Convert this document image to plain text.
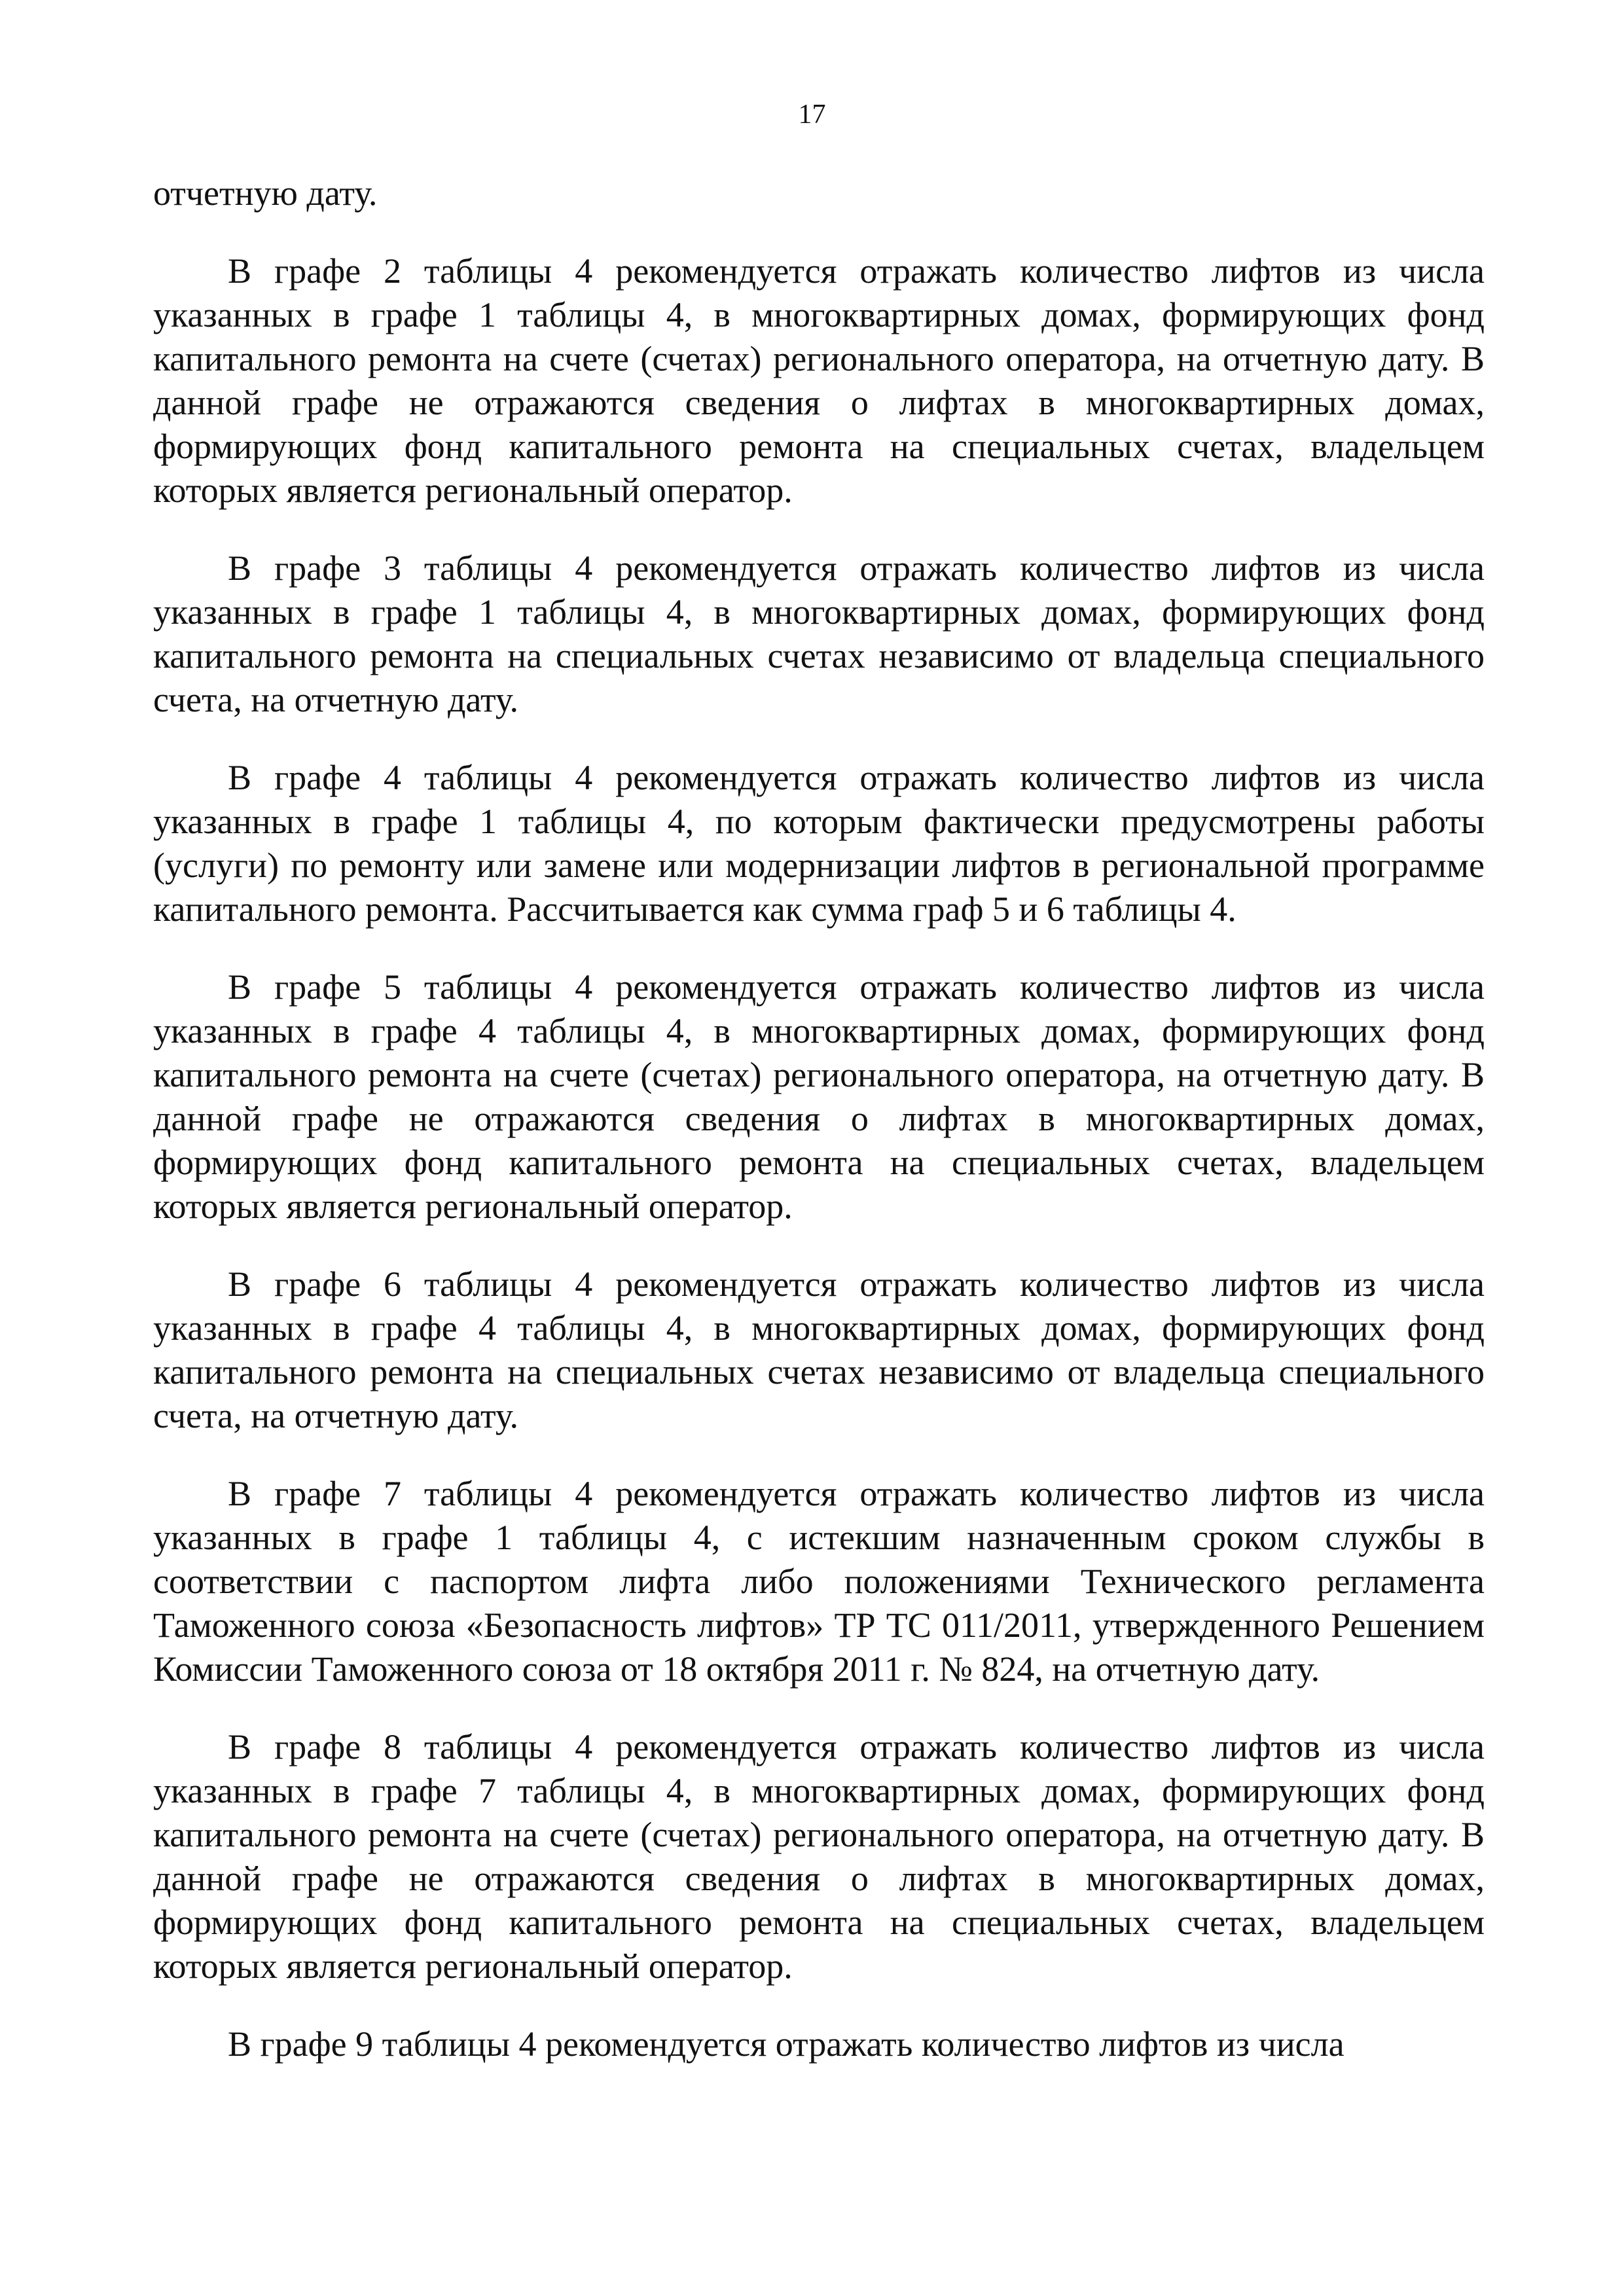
17

отчетную дату.

В графе 2 таблицы 4 рекомендуется отражать количество лифтов из числа указанных в графе 1 таблицы 4, в многоквартирных домах, формирующих фонд капитального ремонта на счете (счетах) регионального оператора, на отчетную дату. В данной графе не отражаются сведения о лифтах в многоквартирных домах, формирующих фонд капитального ремонта на специальных счетах, владельцем которых является региональный оператор.

В графе 3 таблицы 4 рекомендуется отражать количество лифтов из числа указанных в графе 1 таблицы 4, в многоквартирных домах, формирующих фонд капитального ремонта на специальных счетах независимо от владельца специального счета, на отчетную дату.

В графе 4 таблицы 4 рекомендуется отражать количество лифтов из числа указанных в графе 1 таблицы 4, по которым фактически предусмотрены работы (услуги) по ремонту или замене или модернизации лифтов в региональной программе капитального ремонта. Рассчитывается как сумма граф 5 и 6 таблицы 4.

В графе 5 таблицы 4 рекомендуется отражать количество лифтов из числа указанных в графе 4 таблицы 4, в многоквартирных домах, формирующих фонд капитального ремонта на счете (счетах) регионального оператора, на отчетную дату. В данной графе не отражаются сведения о лифтах в многоквартирных домах, формирующих фонд капитального ремонта на специальных счетах, владельцем которых является региональный оператор.

В графе 6 таблицы 4 рекомендуется отражать количество лифтов из числа указанных в графе 4 таблицы 4, в многоквартирных домах, формирующих фонд капитального ремонта на специальных счетах независимо от владельца специального счета, на отчетную дату.

В графе 7 таблицы 4 рекомендуется отражать количество лифтов из числа указанных в графе 1 таблицы 4, с истекшим назначенным сроком службы в соответствии с паспортом лифта либо положениями Технического регламента Таможенного союза «Безопасность лифтов» ТР ТС 011/2011, утвержденного Решением Комиссии Таможенного союза от 18 октября 2011 г. № 824, на отчетную дату.

В графе 8 таблицы 4 рекомендуется отражать количество лифтов из числа указанных в графе 7 таблицы 4, в многоквартирных домах, формирующих фонд капитального ремонта на счете (счетах) регионального оператора, на отчетную дату. В данной графе не отражаются сведения о лифтах в многоквартирных домах, формирующих фонд капитального ремонта на специальных счетах, владельцем которых является региональный оператор.

В графе 9 таблицы 4 рекомендуется отражать количество лифтов из числа
